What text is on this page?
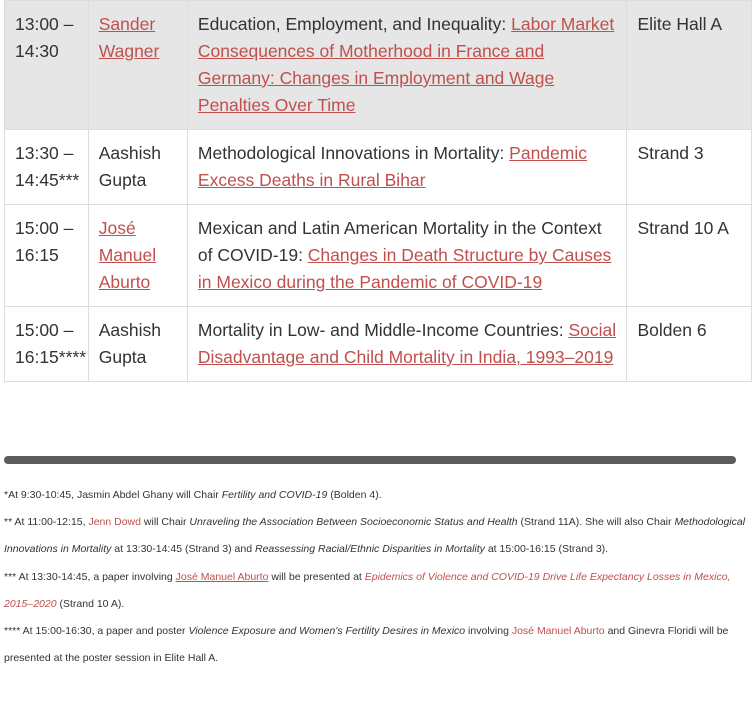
13:00 – 14:30	Sander Wagner	Education, Employment, and Inequality: Labor Market Consequences of Motherhood in France and Germany: Changes in Employment and Wage Penalties Over Time	Elite Hall A
13:30 – 14:45***	Aashish Gupta	Methodological Innovations in Mortality: Pandemic Excess Deaths in Rural Bihar	Strand 3
15:00 – 16:15	José Manuel Aburto	Mexican and Latin American Mortality in the Context of COVID-19: Changes in Death Structure by Causes in Mexico during the Pandemic of COVID-19	Strand 10 A
15:00 – 16:15****	Aashish Gupta	Mortality in Low- and Middle-Income Countries: Social Disadvantage and Child Mortality in India, 1993–2019	Bolden 6

*At 9:30-10:45, Jasmin Abdel Ghany will Chair Fertility and COVID-19 (Bolden 4).

** At 11:00-12:15, Jenn Dowd will Chair Unraveling the Association Between Socioeconomic Status and Health (Strand 11A). She will also Chair Methodological Innovations in Mortality at 13:30-14:45 (Strand 3) and Reassessing Racial/Ethnic Disparities in Mortality at 15:00-16:15 (Strand 3).

*** At 13:30-14:45, a paper involving José Manuel Aburto will be presented at Epidemics of Violence and COVID-19 Drive Life Expectancy Losses in Mexico, 2015–2020 (Strand 10 A).

**** At 15:00-16:30, a paper and poster Violence Exposure and Women's Fertility Desires in Mexico involving José Manuel Aburto and Ginevra Floridi will be presented at the poster session in Elite Hall A.
